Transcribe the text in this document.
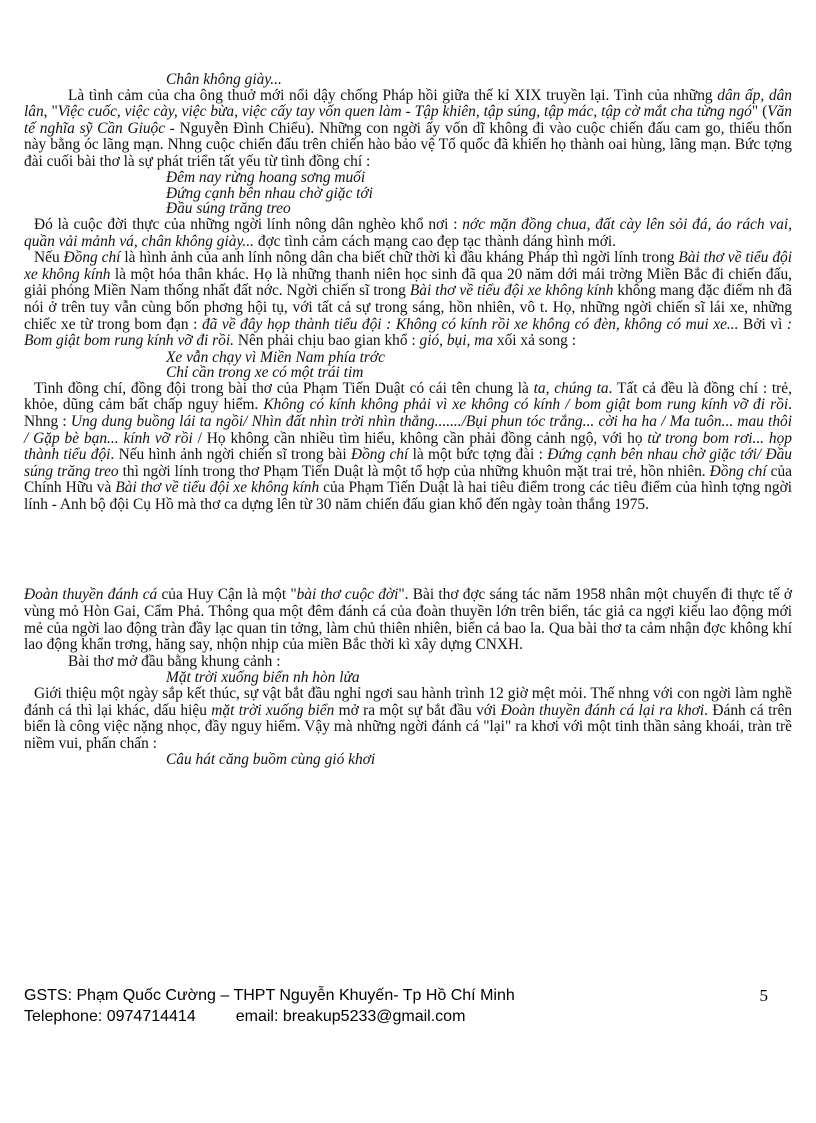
Chân không giày...

Là tình cảm của cha ông thuở mới nổi dậy chống Pháp hồi giữa thế kỉ XIX truyền lại. Tình của những dân ấp, dân lân, "Việc cuốc, việc cày, việc bừa, việc cấy tay vốn quen làm - Tập khiên, tập súng, tập mác, tập cờ mắt cha từng ngó" (Văn tế nghĩa sỹ Cần Giuộc - Nguyễn Đình Chiểu). Những con ngời ấy vốn dĩ không đi vào cuộc chiến đấu cam go, thiếu thốn này bằng óc lãng mạn. Nhng cuộc chiến đấu trên chiến hào bảo vệ Tổ quốc đã khiến họ thành oai hùng, lãng mạn. Bức tợng đài cuối bài thơ là sự phát triển tất yếu từ tình đồng chí :

Đêm nay rừng hoang sơng muối
Đứng cạnh bên nhau chờ giặc tới
Đầu súng trăng treo

Đó là cuộc đời thực của những ngời lính nông dân nghèo khổ nơi : nớc mặn đồng chua, đất cày lên sỏi đá, áo rách vai, quần vải mảnh vá, chân không giày... đợc tình cảm cách mạng cao đẹp tạc thành dáng hình mới.

Nếu Đồng chí là hình ảnh của anh lính nông dân cha biết chữ thời kì đầu kháng Pháp thì ngời lính trong Bài thơ về tiểu đội xe không kính là một hóa thân khác. Họ là những thanh niên học sinh đã qua 20 năm dới mái trờng Miền Bắc đi chiến đấu, giải phóng Miền Nam thống nhất đất nớc. Ngời chiến sĩ trong Bài thơ về tiểu đội xe không kính không mang đặc điểm nh đã nói ở trên tuy vẫn cùng bốn phơng hội tụ, với tất cả sự trong sáng, hồn nhiên, vô t. Họ, những ngời chiến sĩ lái xe, những chiếc xe từ trong bom đạn : đã về đây họp thành tiểu đội : Không có kính rồi xe không có đèn, không có mui xe... Bởi vì : Bom giật bom rung kính vỡ đi rồi. Nên phải chịu bao gian khổ : gió, bụi, ma xối xả song :

Xe vẫn chạy vì Miền Nam phía trớc
Chỉ cần trong xe có một trái tim

Tình đồng chí, đồng đội trong bài thơ của Phạm Tiến Duật có cái tên chung là ta, chúng ta. Tất cả đều là đồng chí : trẻ, khỏe, dũng cảm bất chấp nguy hiểm. Không có kính không phải vì xe không có kính / bom giật bom rung kính vỡ đi rồi. Nhng : Ung dung buồng lái ta ngồi/ Nhìn đất nhìn trời nhìn thẳng......./Bụi phun tóc trắng... cời ha ha / Ma tuôn... mau thôi / Gặp bè bạn... kính vỡ rồi / Họ không cần nhiều tìm hiểu, không cần phải đồng cảnh ngộ, với họ từ trong bom rơi... họp thành tiểu đội. Nếu hình ảnh ngời chiến sĩ trong bài Đồng chí là một bức tợng đài : Đứng cạnh bên nhau chờ giặc tới/ Đầu súng trăng treo thì ngời lính trong thơ Phạm Tiến Duật là một tổ hợp của những khuôn mặt trai trẻ, hồn nhiên. Đồng chí của Chính Hữu và Bài thơ về tiểu đội xe không kính của Phạm Tiến Duật là hai tiêu điểm trong các tiêu điểm của hình tợng ngời lính - Anh bộ đội Cụ Hồ mà thơ ca dựng lên từ 30 năm chiến đấu gian khổ đến ngày toàn thắng 1975.

Đoàn thuyền đánh cá của Huy Cận là một "bài thơ cuộc đời". Bài thơ đợc sáng tác năm 1958 nhân một chuyến đi thực tế ở vùng mỏ Hòn Gai, Cẩm Phả. Thông qua một đêm đánh cá của đoàn thuyền lớn trên biển, tác giả ca ngợi kiểu lao động mới mẻ của ngời lao động tràn đầy lạc quan tin tởng, làm chủ thiên nhiên, biển cả bao la. Qua bài thơ ta cảm nhận đợc không khí lao động khẩn trơng, hăng say, nhộn nhịp của miền Bắc thời kì xây dựng CNXH.

Bài thơ mở đầu bằng khung cảnh :

Mặt trời xuống biển nh hòn lửa

Giới thiệu một ngày sắp kết thúc, sự vật bắt đầu nghỉ ngơi sau hành trình 12 giờ mệt mỏi. Thế nhng với con ngời làm nghề đánh cá thì lại khác, dấu hiệu mặt trời xuống biển mở ra một sự bắt đầu với Đoàn thuyền đánh cá lại ra khơi. Đánh cá trên biển là công việc nặng nhọc, đầy nguy hiểm. Vậy mà những ngời đánh cá "lại" ra khơi với một tinh thần sảng khoái, tràn trề niềm vui, phấn chấn :

Câu hát căng buồm cùng gió khơi
GSTS: Phạm Quốc Cường – THPT Nguyễn Khuyến- Tp Hồ Chí Minh
Telephone: 0974714414	email: breakup5233@gmail.com
5
